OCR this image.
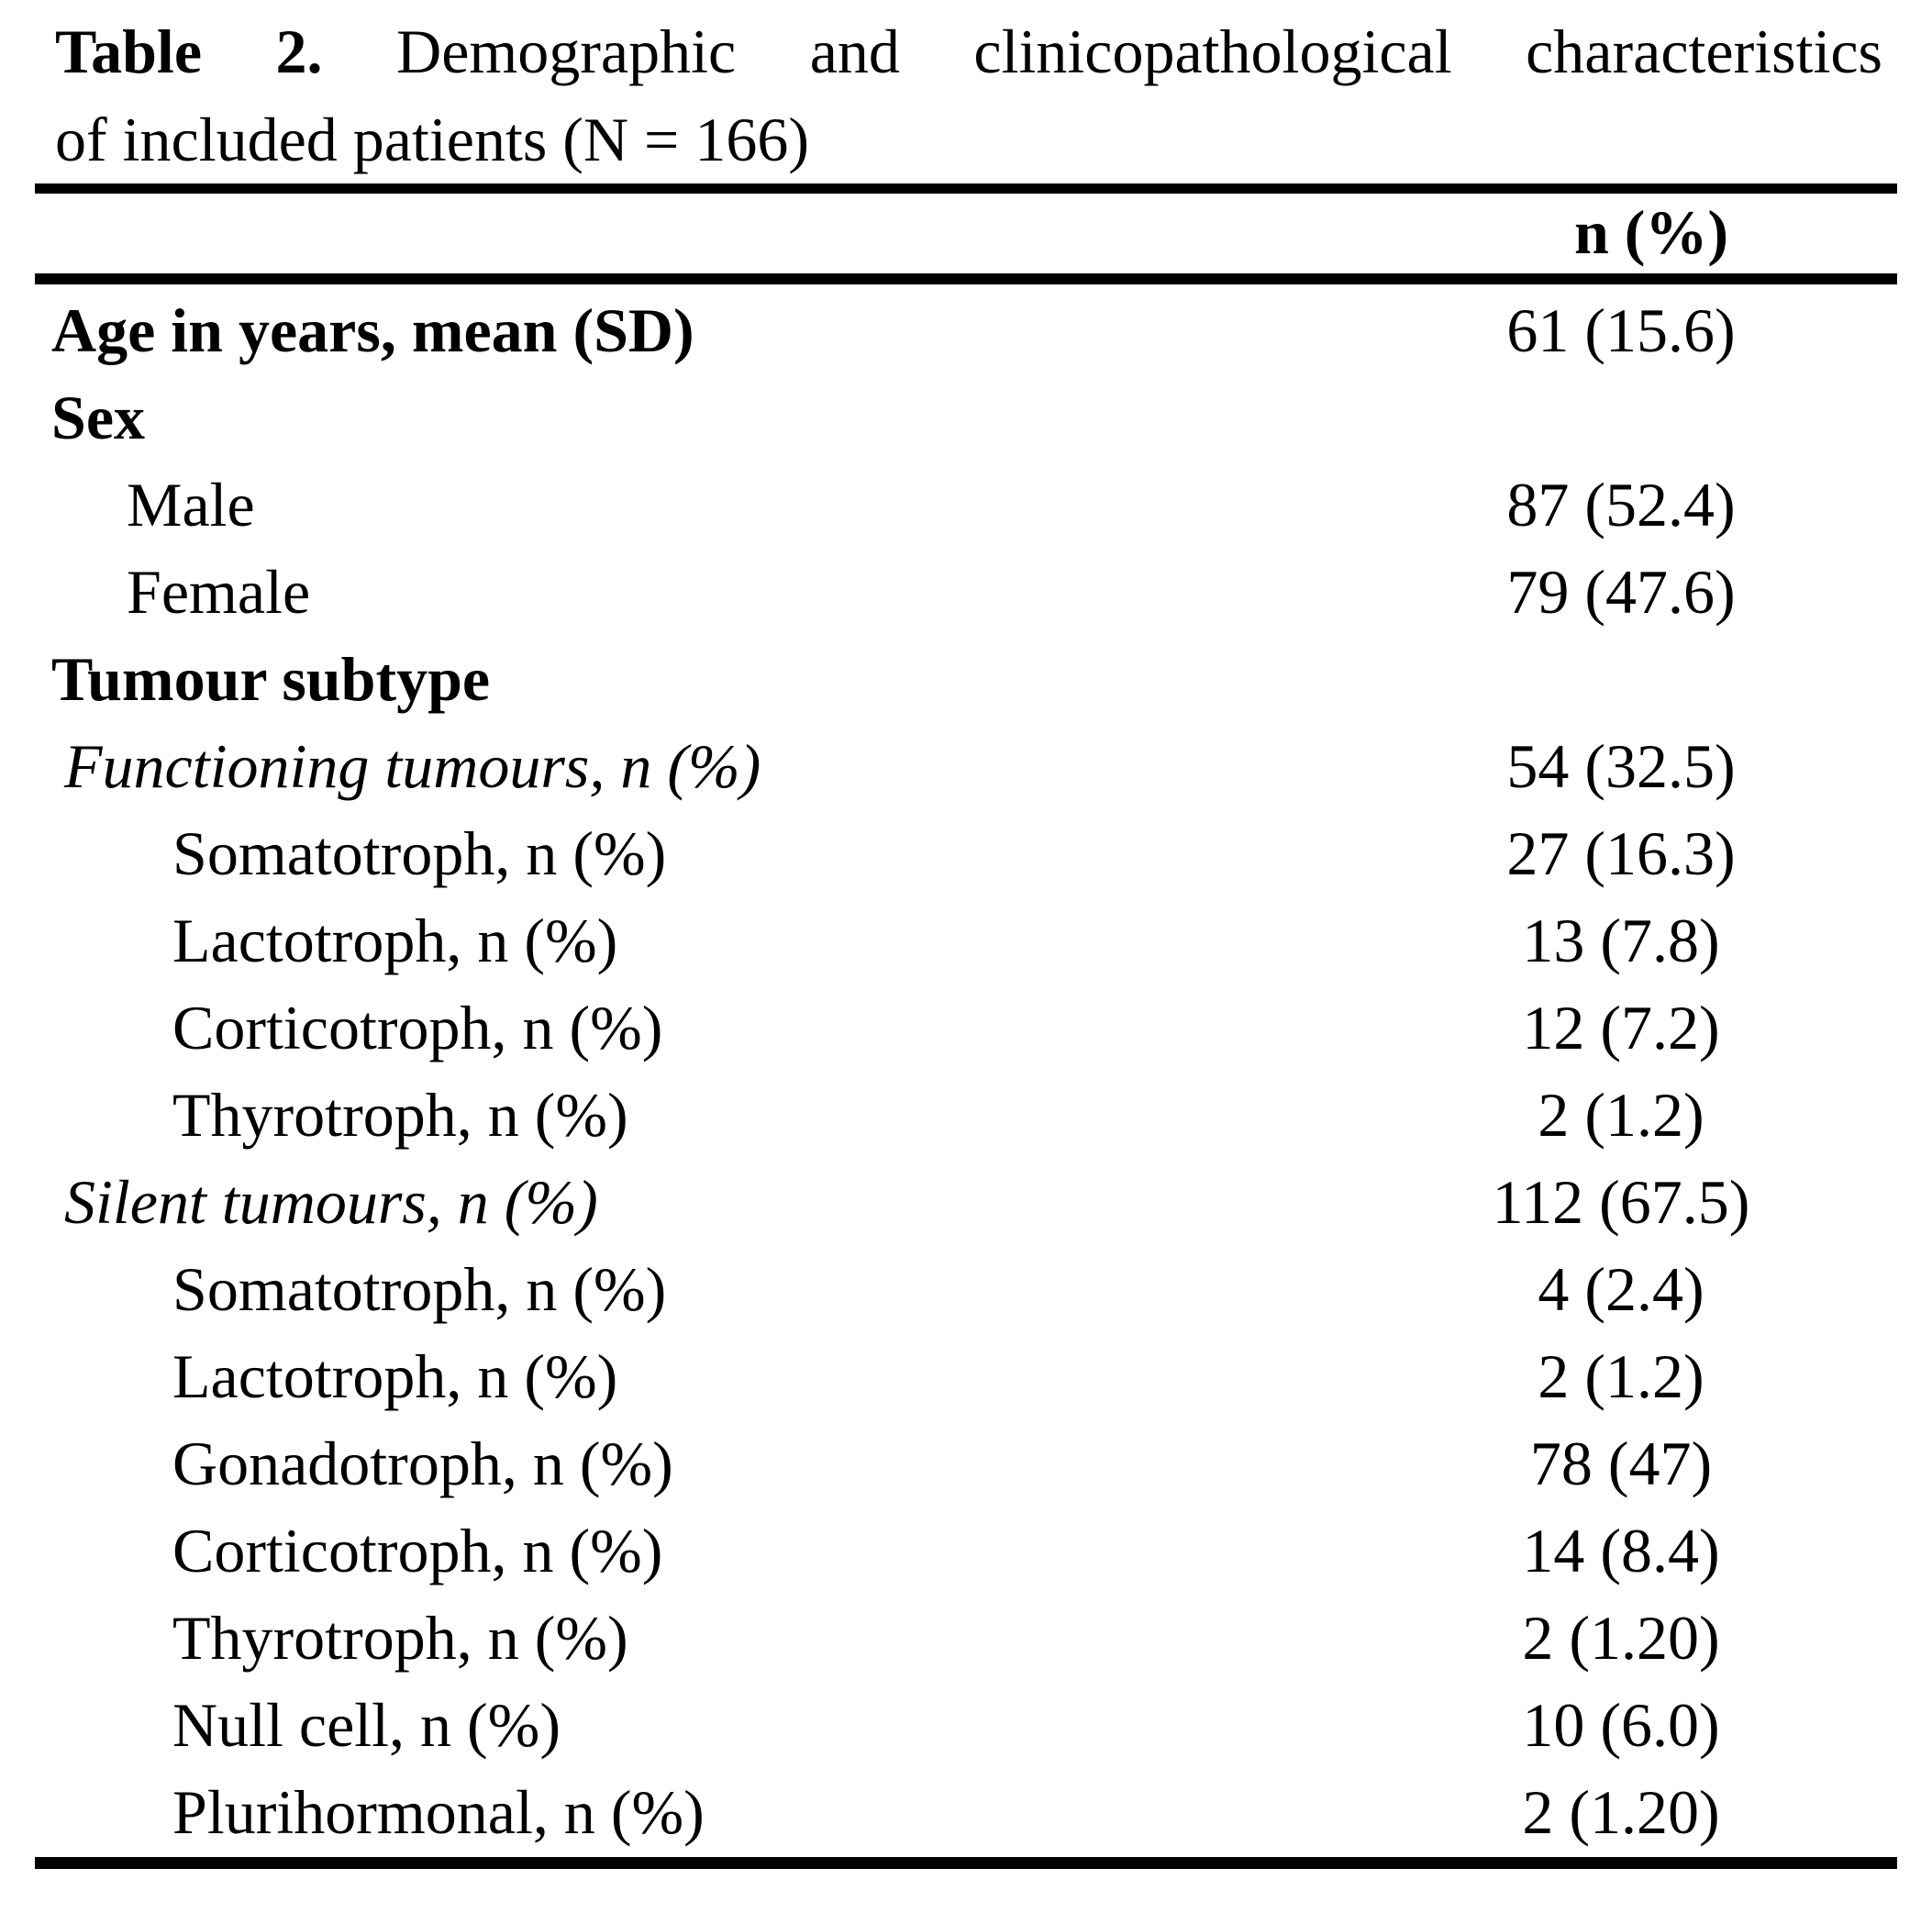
Table 2. Demographic and clinicopathological characteristics
of included patients (N = 166)
n (%)
Age in years, mean (SD)	61 (15.6)
Sex
Male	87 (52.4)
Female	79 (47.6)
Tumour subtype
Functioning tumours, n (%)	54 (32.5)
Somatotroph, n (%)	27 (16.3)
Lactotroph, n (%)	13 (7.8)
Corticotroph, n (%)	12 (7.2)
Thyrotroph, n (%)	2 (1.2)
Silent tumours, n (%)	112 (67.5)
Somatotroph, n (%)	4 (2.4)
Lactotroph, n (%)	2 (1.2)
Gonadotroph, n (%)	78 (47)
Corticotroph, n (%)	14 (8.4)
Thyrotroph, n (%)	2 (1.20)
Null cell, n (%)	10 (6.0)
Plurihormonal, n (%)	2 (1.20)
